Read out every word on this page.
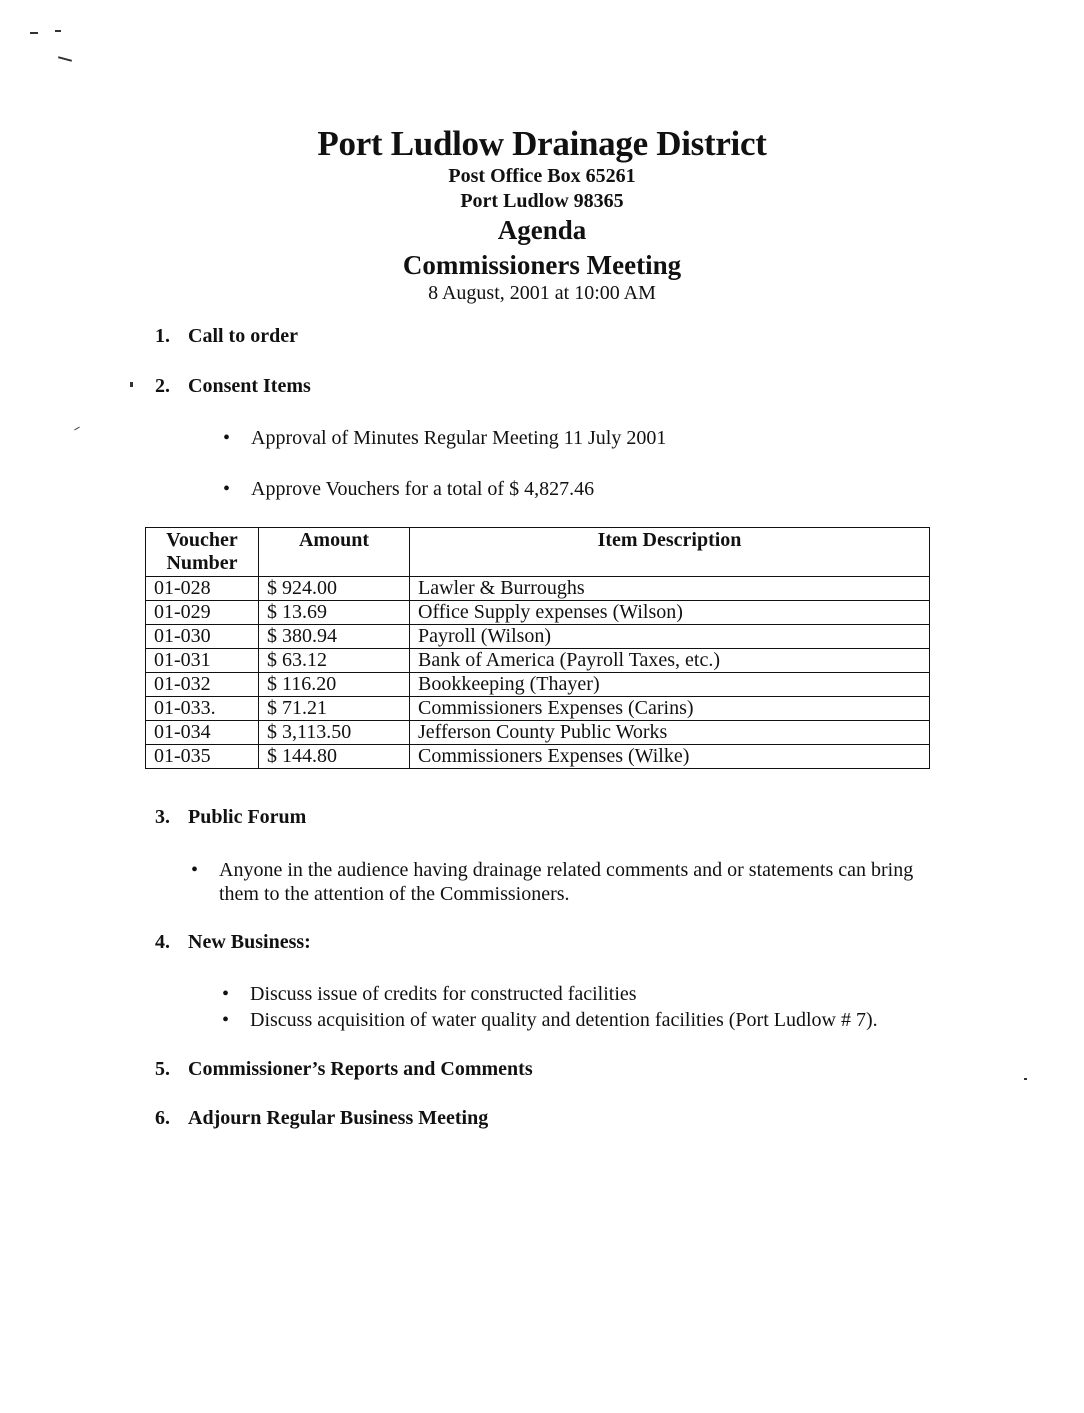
Port Ludlow Drainage District
Post Office Box 65261
Port Ludlow 98365
Agenda
Commissioners Meeting
8 August, 2001 at 10:00 AM
1. Call to order
2. Consent Items
• Approval of Minutes Regular Meeting 11 July 2001
• Approve Vouchers for a total of $ 4,827.46
Voucher Number	Amount	Item Description
01-028	$ 924.00	Lawler & Burroughs
01-029	$ 13.69	Office Supply expenses (Wilson)
01-030	$ 380.94	Payroll (Wilson)
01-031	$ 63.12	Bank of America (Payroll Taxes, etc.)
01-032	$ 116.20	Bookkeeping (Thayer)
01-033.	$ 71.21	Commissioners Expenses (Carins)
01-034	$ 3,113.50	Jefferson County Public Works
01-035	$ 144.80	Commissioners Expenses (Wilke)
3. Public Forum
• Anyone in the audience having drainage related comments and or statements can bring them to the attention of the Commissioners.
4. New Business:
• Discuss issue of credits for constructed facilities
• Discuss acquisition of water quality and detention facilities (Port Ludlow # 7).
5. Commissioner’s Reports and Comments
6. Adjourn Regular Business Meeting
